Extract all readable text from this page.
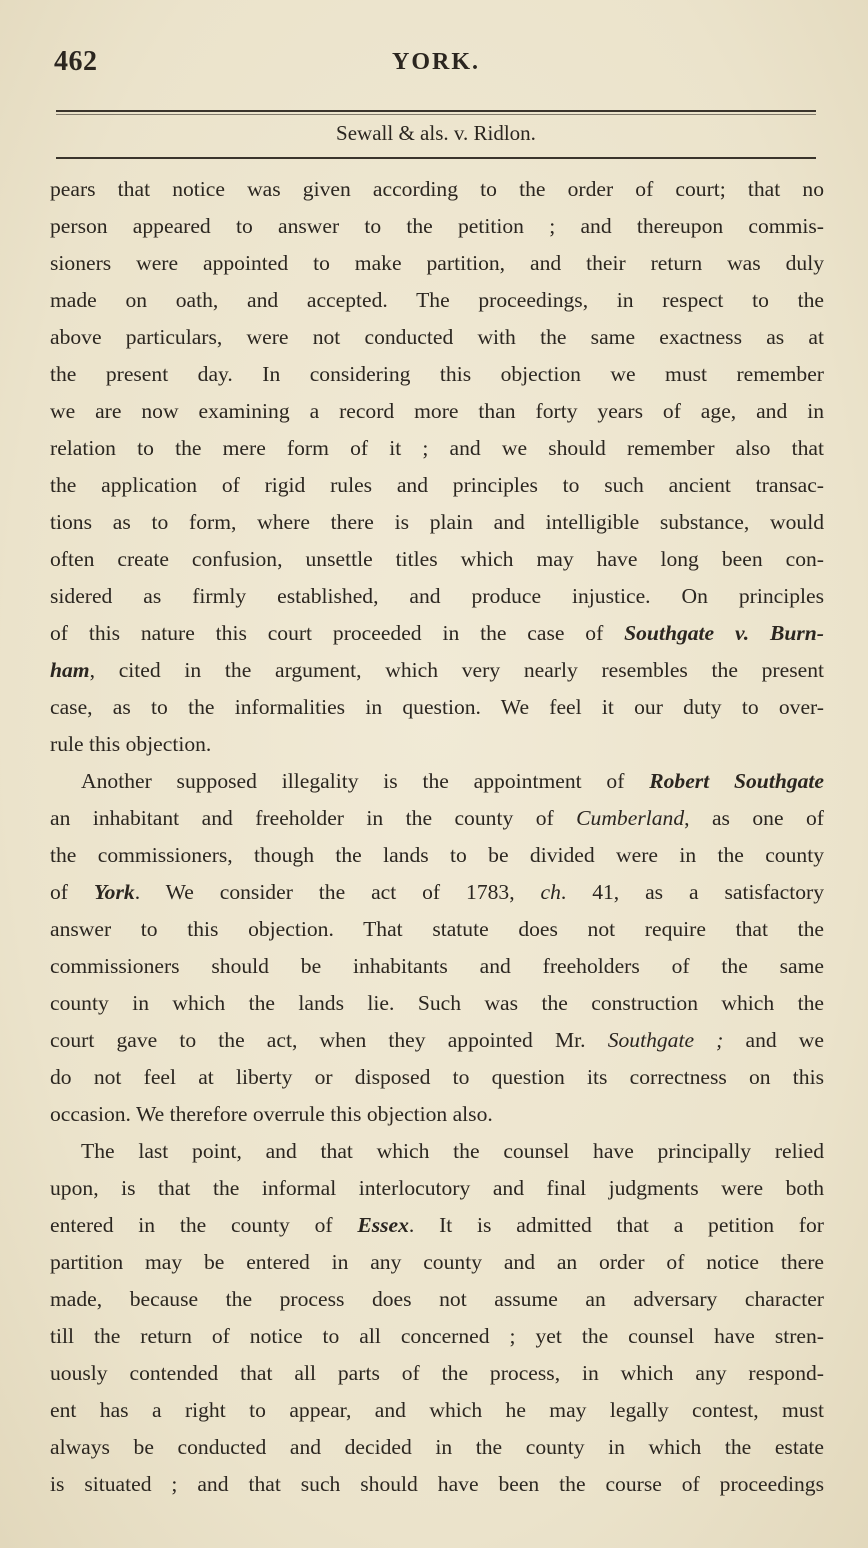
462	YORK.
Sewall & als. v. Ridlon.
pears that notice was given according to the order of court; that no
person appeared to answer to the petition ; and thereupon commis-
sioners were appointed to make partition, and their return was duly
made on oath, and accepted. The proceedings, in respect to the
above particulars, were not conducted with the same exactness as at
the present day. In considering this objection we must remember
we are now examining a record more than forty years of age, and in
relation to the mere form of it ; and we should remember also that
the application of rigid rules and principles to such ancient transac-
tions as to form, where there is plain and intelligible substance, would
often create confusion, unsettle titles which may have long been con-
sidered as firmly established, and produce injustice. On principles
of this nature this court proceeded in the case of Southgate v. Burn-
ham, cited in the argument, which very nearly resembles the present
case, as to the informalities in question. We feel it our duty to over-
rule this objection.
Another supposed illegality is the appointment of Robert Southgate
an inhabitant and freeholder in the county of Cumberland, as one of
the commissioners, though the lands to be divided were in the county
of York. We consider the act of 1783, ch. 41, as a satisfactory
answer to this objection. That statute does not require that the
commissioners should be inhabitants and freeholders of the same
county in which the lands lie. Such was the construction which the
court gave to the act, when they appointed Mr. Southgate ; and we
do not feel at liberty or disposed to question its correctness on this
occasion. We therefore overrule this objection also.
The last point, and that which the counsel have principally relied
upon, is that the informal interlocutory and final judgments were both
entered in the county of Essex. It is admitted that a petition for
partition may be entered in any county and an order of notice there
made, because the process does not assume an adversary character
till the return of notice to all concerned ; yet the counsel have stren-
uously contended that all parts of the process, in which any respond-
ent has a right to appear, and which he may legally contest, must
always be conducted and decided in the county in which the estate
is situated ; and that such should have been the course of proceedings
